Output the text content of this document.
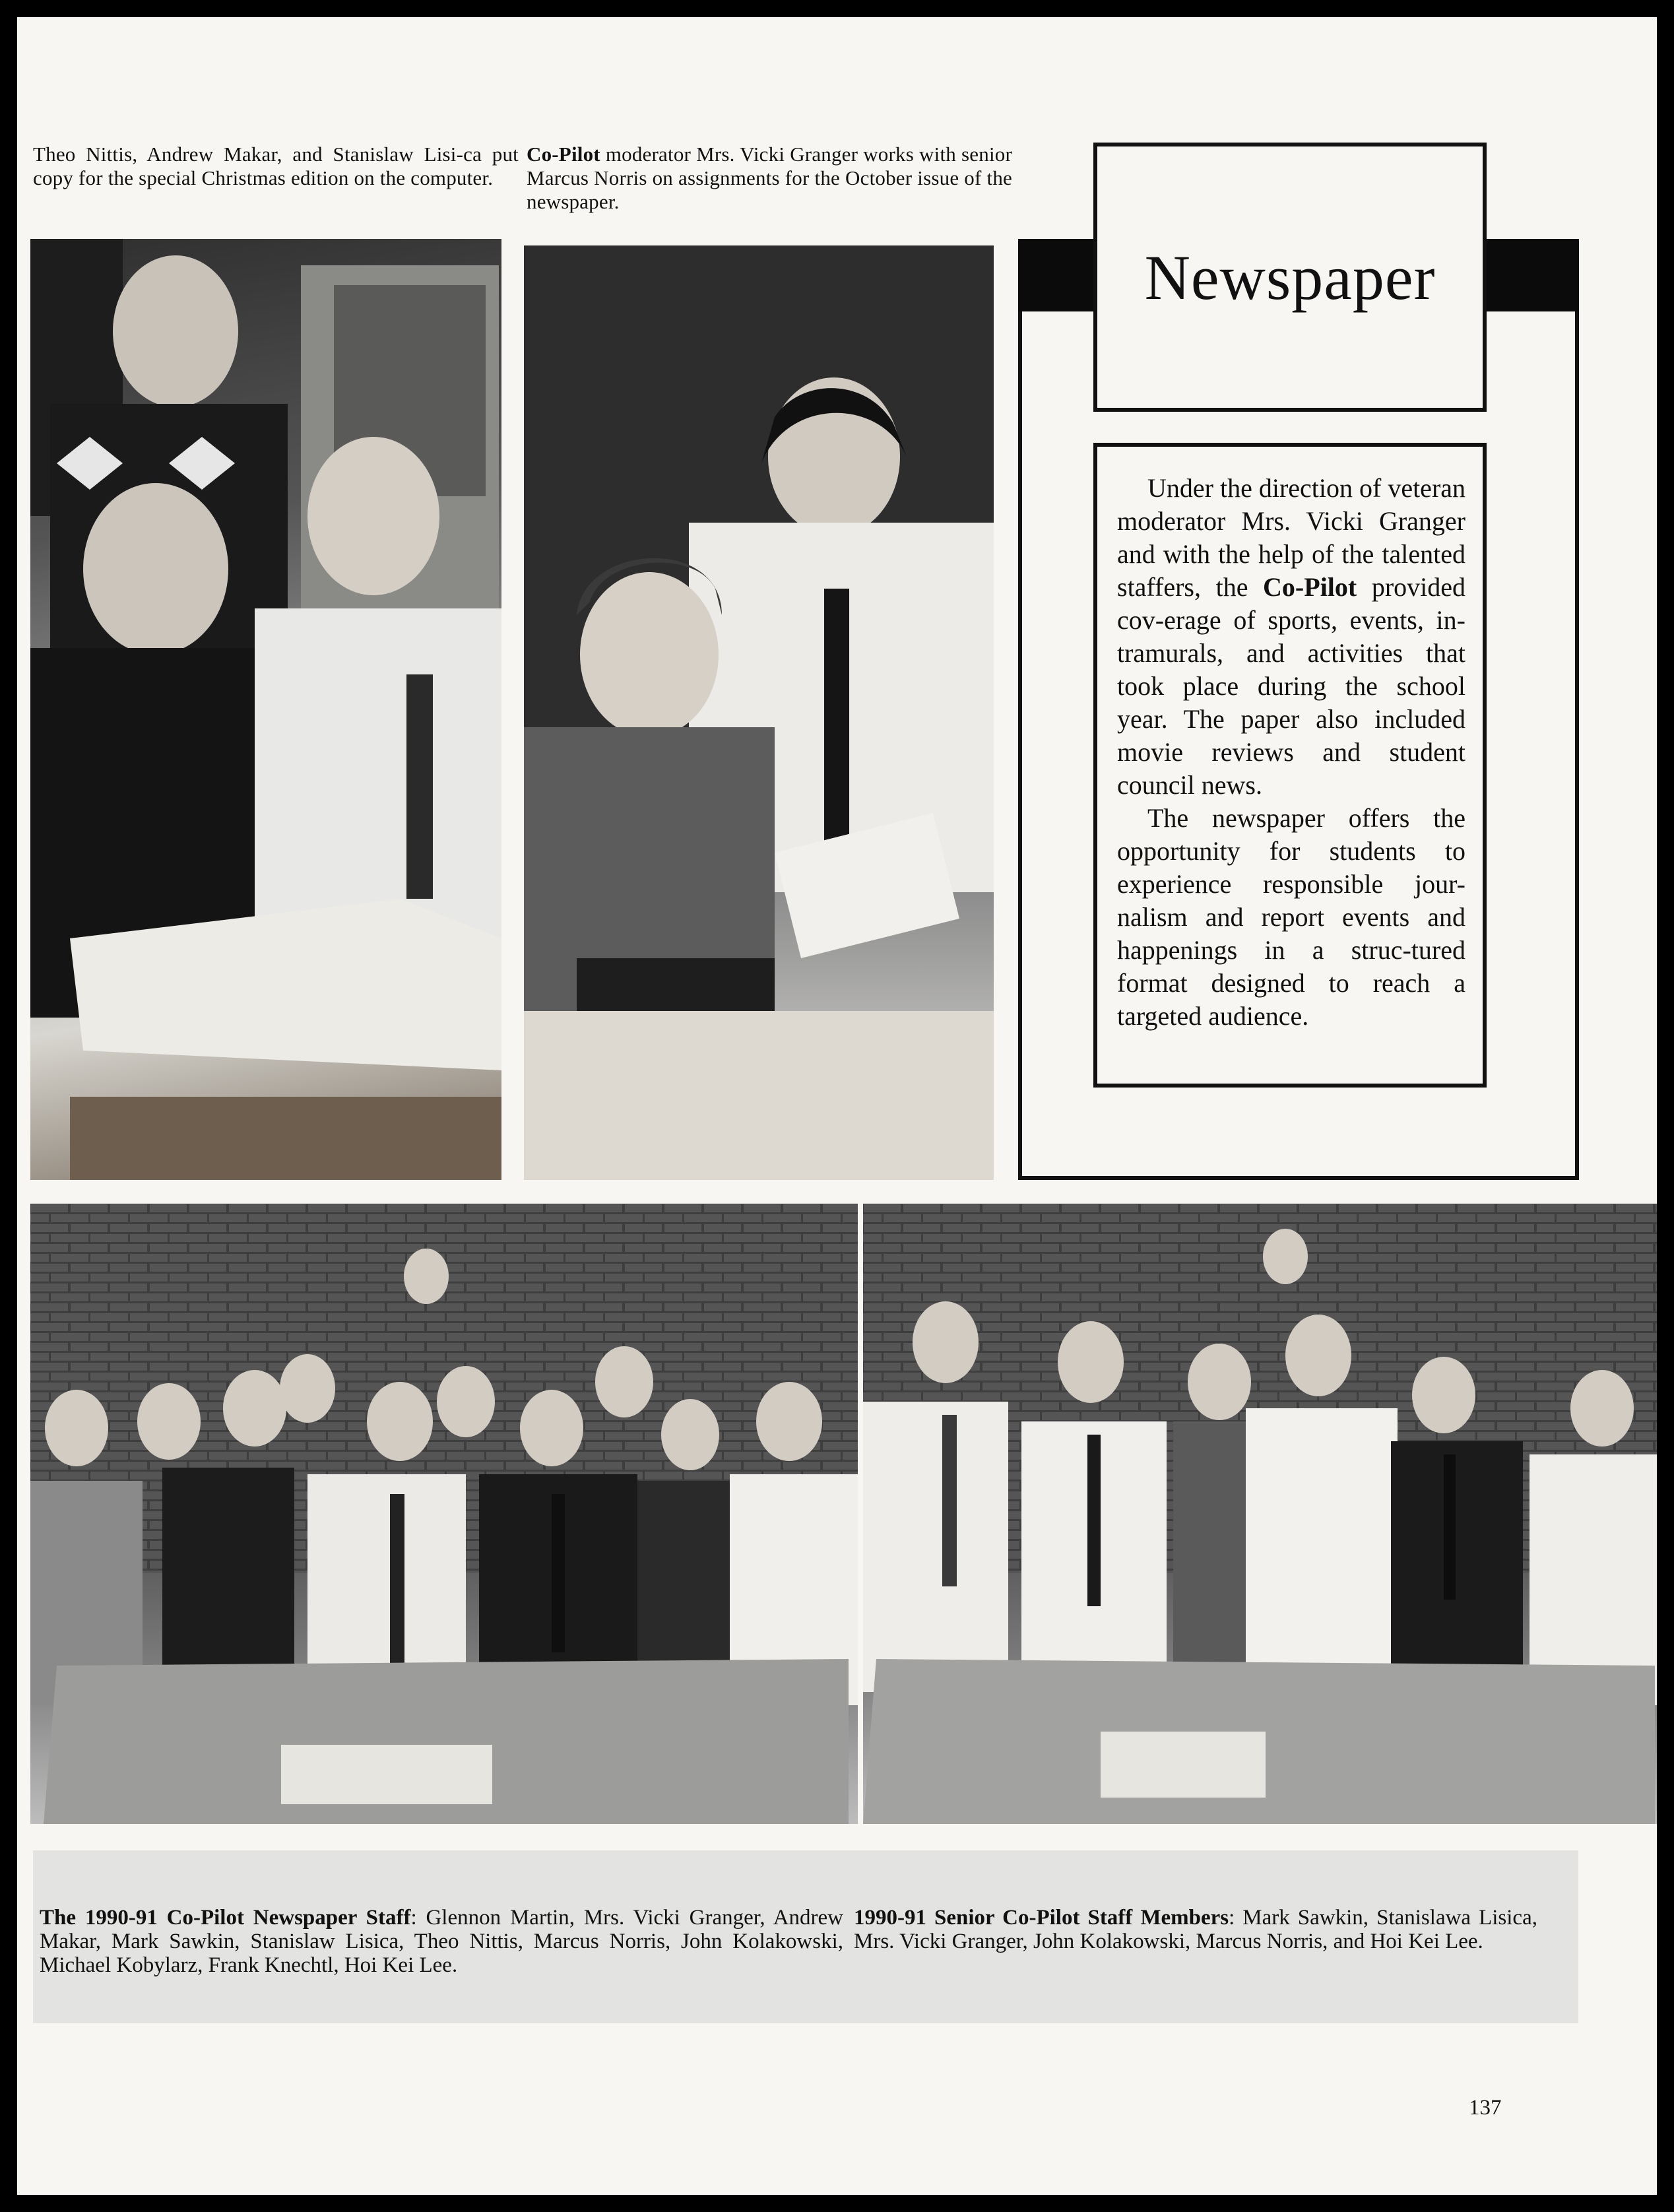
Theo Nittis, Andrew Makar, and Stanislaw Lisi-ca put copy for the special Christmas edition on the computer.

Co-Pilot moderator Mrs. Vicki Granger works with senior Marcus Norris on assignments for the October issue of the newspaper.

Newspaper

Under the direction of veteran moderator Mrs. Vicki Granger and with the help of the talented staffers, the Co-Pilot provided cov-erage of sports, events, in-tramurals, and activities that took place during the school year. The paper also included movie reviews and student council news.

The newspaper offers the opportunity for students to experience responsible jour-nalism and report events and happenings in a struc-tured format designed to reach a targeted audience.

The 1990-91 Co-Pilot Newspaper Staff: Glennon Martin, Mrs. Vicki Granger, Andrew Makar, Mark Sawkin, Stanislaw Lisica, Theo Nittis, Marcus Norris, John Kolakowski, Michael Kobylarz, Frank Knechtl, Hoi Kei Lee.

1990-91 Senior Co-Pilot Staff Members: Mark Sawkin, Stanislawa Lisica, Mrs. Vicki Granger, John Kolakowski, Marcus Norris, and Hoi Kei Lee.

137
